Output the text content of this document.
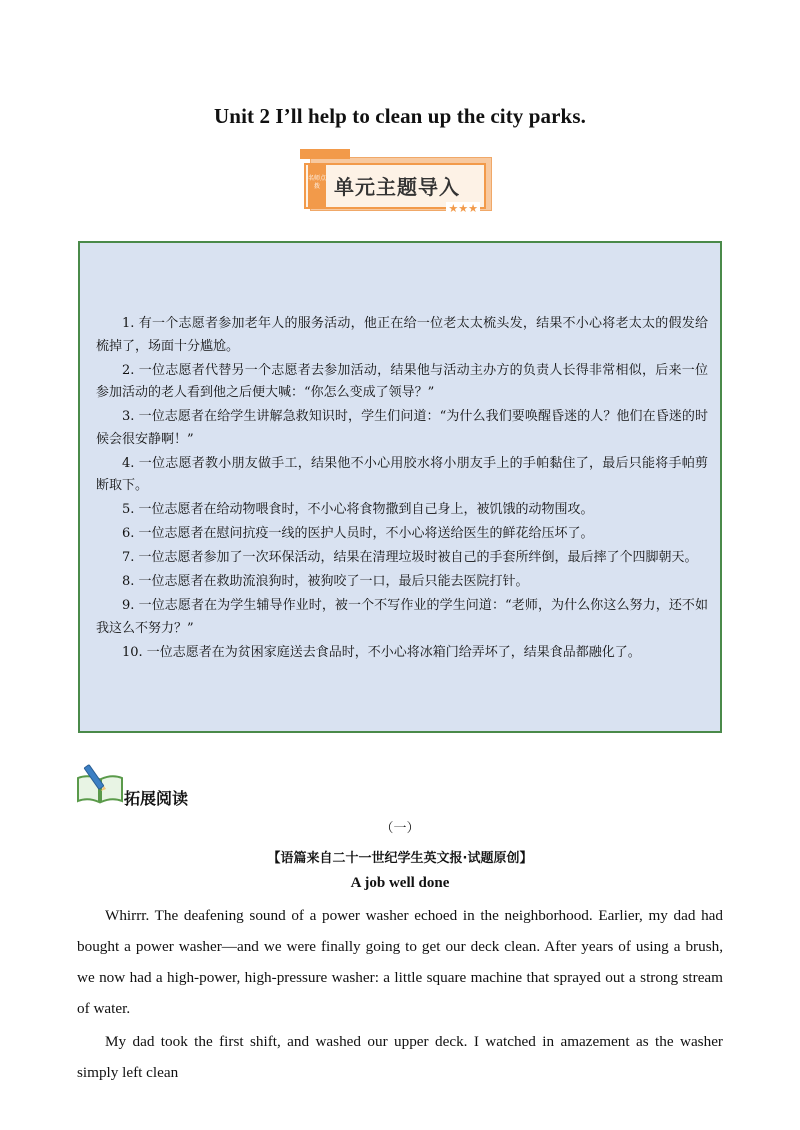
Unit 2 I’ll help to clean up the city parks.
名师点拨 单元主题导入
★★★

1. 有一个志愿者参加老年人的服务活动，他正在给一位老太太梳头发，结果不小心将老太太的假发给梳掉了，场面十分尴尬。

2. 一位志愿者代替另一个志愿者去参加活动，结果他与活动主办方的负责人长得非常相似，后来一位参加活动的老人看到他之后便大喊：“你怎么变成了领导？”

3. 一位志愿者在给学生讲解急救知识时，学生们问道：“为什么我们要唤醒昏迷的人？他们在昏迷的时候会很安静啊！”

4. 一位志愿者教小朋友做手工，结果他不小心用胶水将小朋友手上的手帕黏住了，最后只能将手帕剪断取下。

5. 一位志愿者在给动物喂食时，不小心将食物撒到自己身上，被饥饿的动物围攻。

6. 一位志愿者在慰问抗疫一线的医护人员时，不小心将送给医生的鲜花给压坏了。

7. 一位志愿者参加了一次环保活动，结果在清理垃圾时被自己的手套所绊倒，最后摔了个四脚朝天。

8. 一位志愿者在救助流浪狗时，被狗咬了一口，最后只能去医院打针。

9. 一位志愿者在为学生辅导作业时，被一个不写作业的学生问道：“老师，为什么你这么努力，还不如我这么不努力？”

10. 一位志愿者在为贫困家庭送去食品时，不小心将冰箱门给弄坏了，结果食品都融化了。

拓展阅读
（一）
【语篇来自二十一世纪学生英文报·试题原创】
A job well done

Whirrr. The deafening sound of a power washer echoed in the neighborhood. Earlier, my dad had bought a power washer—and we were finally going to get our deck clean. After years of using a brush, we now had a high-power, high-pressure washer: a little square machine that sprayed out a strong stream of water.

My dad took the first shift, and washed our upper deck. I watched in amazement as the washer simply left clean
